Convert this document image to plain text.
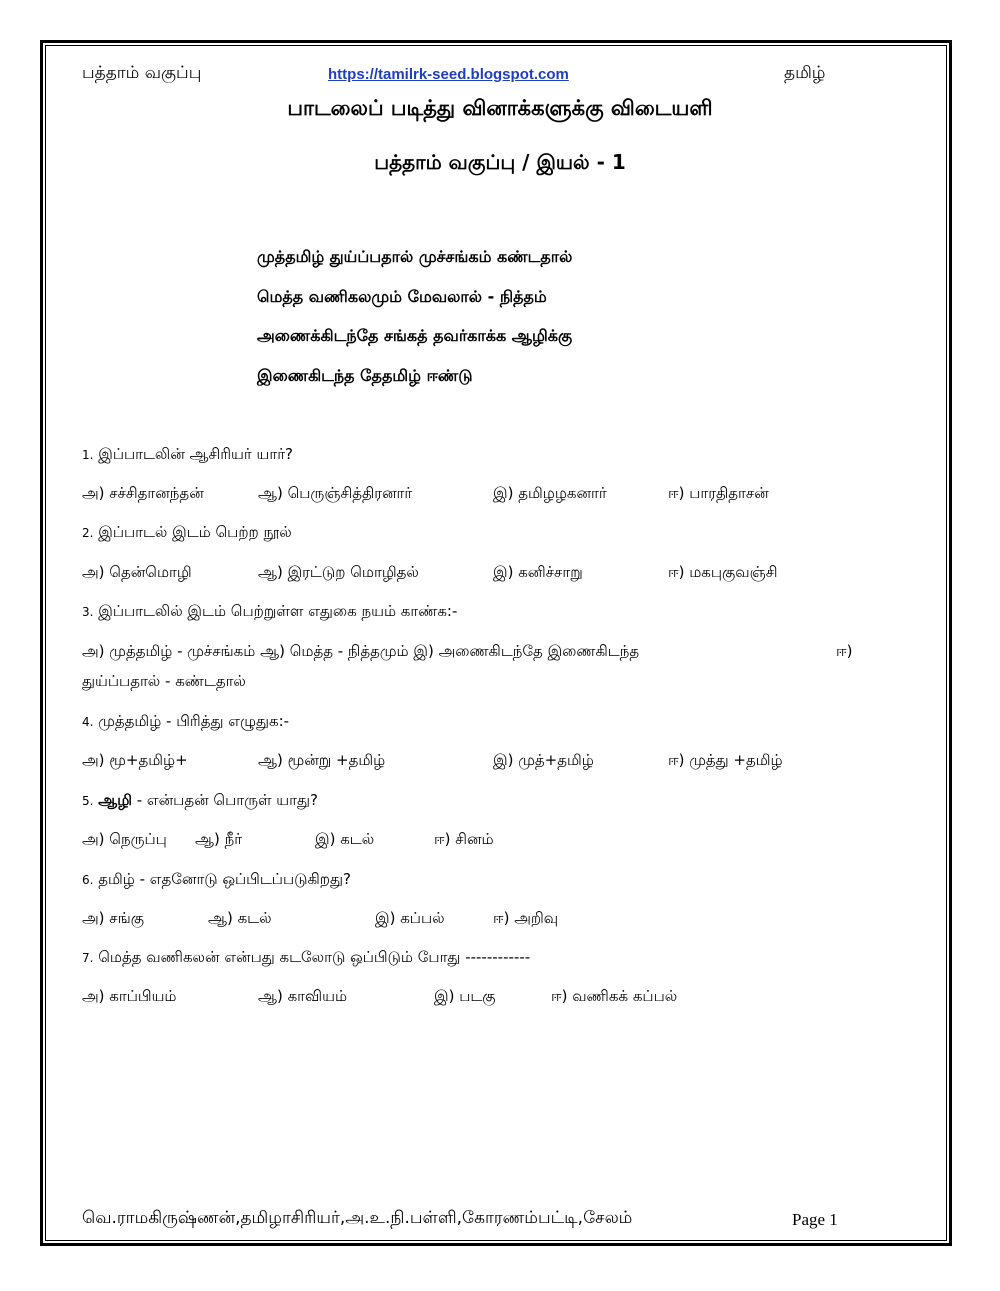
பத்தாம் வகுப்பு	https://tamilrk-seed.blogspot.com	தமிழ்
பாடலைப் படித்து வினாக்களுக்கு விடையளி
பத்தாம் வகுப்பு / இயல் - 1
முத்தமிழ் துய்ப்பதால் முச்சங்கம் கண்டதால்
மெத்த வணிகலமும் மேவலால் - நித்தம்
அணைக்கிடந்தே சங்கத் தவர்காக்க ஆழிக்கு
இணைகிடந்த தேதமிழ் ஈண்டு
1. இப்பாடலின் ஆசிரியர் யார்?
அ) சச்சிதானந்தன்	ஆ) பெருஞ்சித்திரனார்	இ) தமிழழகனார்	ஈ) பாரதிதாசன்
2. இப்பாடல் இடம் பெற்ற நூல்
அ) தென்மொழி	ஆ) இரட்டுற மொழிதல்	இ) கனிச்சாறு	ஈ) மகபுகுவஞ்சி
3. இப்பாடலில் இடம் பெற்றுள்ள எதுகை நயம் காண்க:-
அ) முத்தமிழ் - முச்சங்கம் ஆ) மெத்த - நித்தமும் இ) அணைகிடந்தே இணைகிடந்த	ஈ)
துய்ப்பதால் - கண்டதால்
4. முத்தமிழ் - பிரித்து எழுதுக:-
அ) மூ+தமிழ்+	ஆ) மூன்று +தமிழ்	இ) முத்+தமிழ்	ஈ) முத்து +தமிழ்
5. ஆழி - என்பதன் பொருள் யாது?
அ) நெருப்பு ஆ) நீர்	இ) கடல்	ஈ) சினம்
6. தமிழ் - எதனோடு ஒப்பிடப்படுகிறது?
அ) சங்கு	ஆ) கடல்	இ) கப்பல்	ஈ) அறிவு
7. மெத்த வணிகலன் என்பது கடலோடு ஒப்பிடும் போது ------------
அ) காப்பியம்	ஆ) காவியம்	இ) படகு	ஈ) வணிகக் கப்பல்
வெ.ராமகிருஷ்ணன்,தமிழாசிரியர்,அ.உ.நி.பள்ளி,கோரணம்பட்டி,சேலம்	Page 1
